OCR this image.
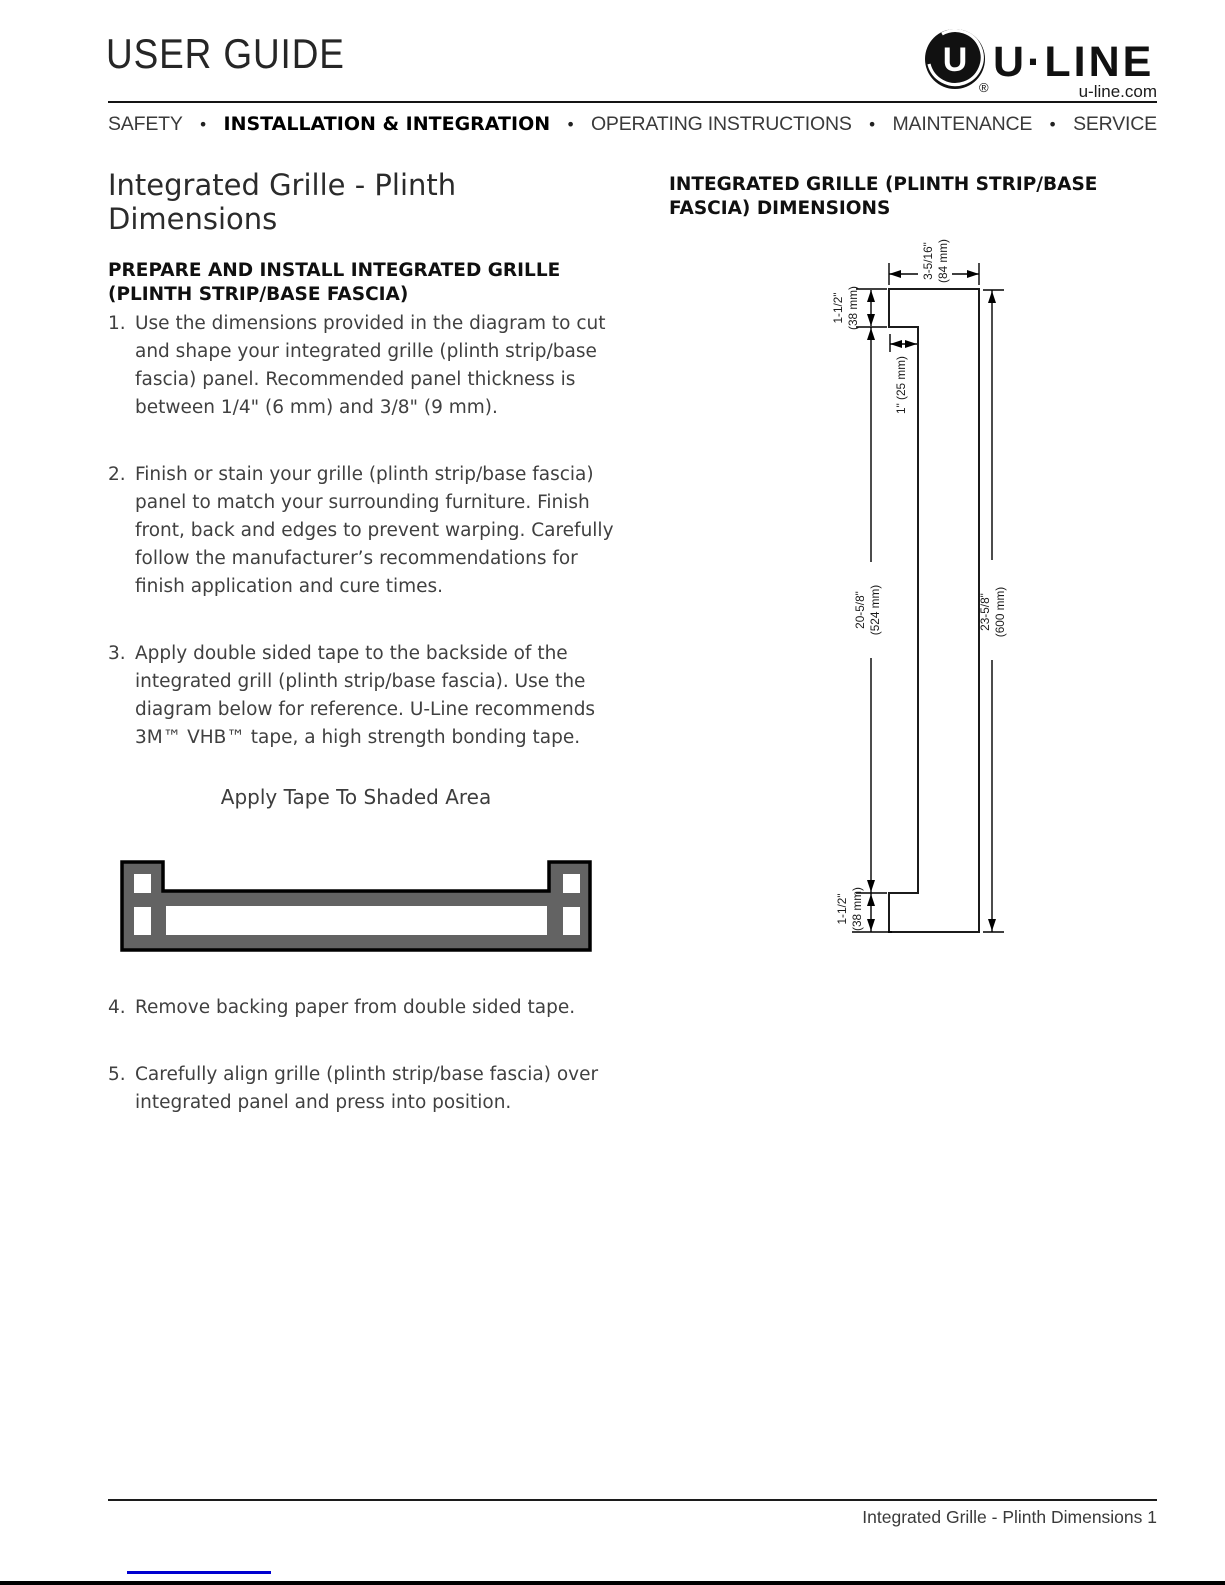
USER GUIDE	U
®
U·LINE
u-line.com
SAFETY • INSTALLATION & INTEGRATION • OPERATING INSTRUCTIONS • MAINTENANCE • SERVICE
Integrated Grille - Plinth Dimensions
PREPARE AND INSTALL INTEGRATED GRILLE (PLINTH STRIP/BASE FASCIA)
1. Use the dimensions provided in the diagram to cut and shape your integrated grille (plinth strip/base fascia) panel. Recommended panel thickness is between 1/4" (6 mm) and 3/8" (9 mm).
2. Finish or stain your grille (plinth strip/base fascia) panel to match your surrounding furniture. Finish front, back and edges to prevent warping. Carefully follow the manufacturer’s recommendations for finish application and cure times.
3. Apply double sided tape to the backside of the integrated grill (plinth strip/base fascia). Use the diagram below for reference. U-Line recommends 3M™ VHB™ tape, a high strength bonding tape.
Apply Tape To Shaded Area
4. Remove backing paper from double sided tape.
5. Carefully align grille (plinth strip/base fascia) over integrated panel and press into position.
INTEGRATED GRILLE (PLINTH STRIP/BASE FASCIA) DIMENSIONS
3-5/16" (84 mm)
1-1/2" (38 mm)
1" (25 mm)
20-5/8" (524 mm)	23-5/8" (600 mm)
1-1/2" (38 mm)
Integrated Grille - Plinth Dimensions 1
